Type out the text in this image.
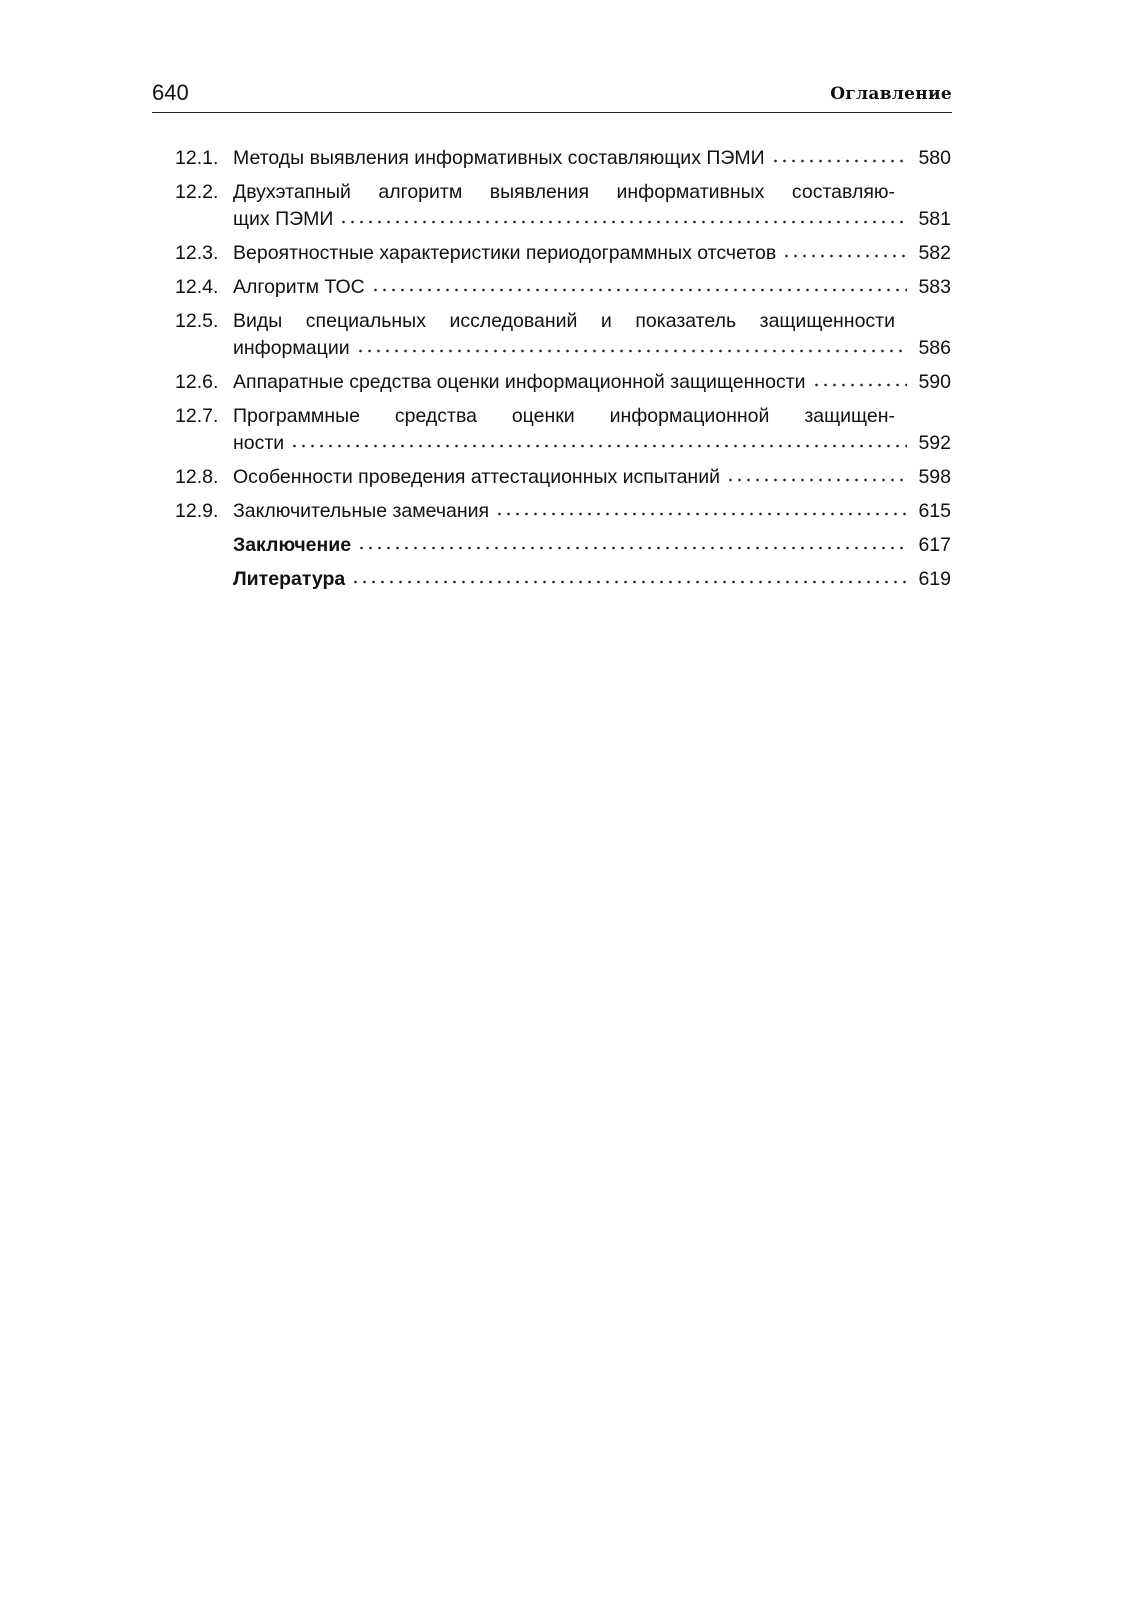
640	Оглавление
12.1. Методы выявления информативных составляющих ПЭМИ	580
12.2. Двухэтапный алгоритм выявления информативных составляю-
щих ПЭМИ	581
12.3. Вероятностные характеристики периодограммных отсчетов	582
12.4. Алгоритм ТОС	583
12.5. Виды специальных исследований и показатель защищенности
информации	586
12.6. Аппаратные средства оценки информационной защищенности	590
12.7. Программные средства оценки информационной защищен-
ности	592
12.8. Особенности проведения аттестационных испытаний	598
12.9. Заключительные замечания	615
Заключение	617
Литература	619
